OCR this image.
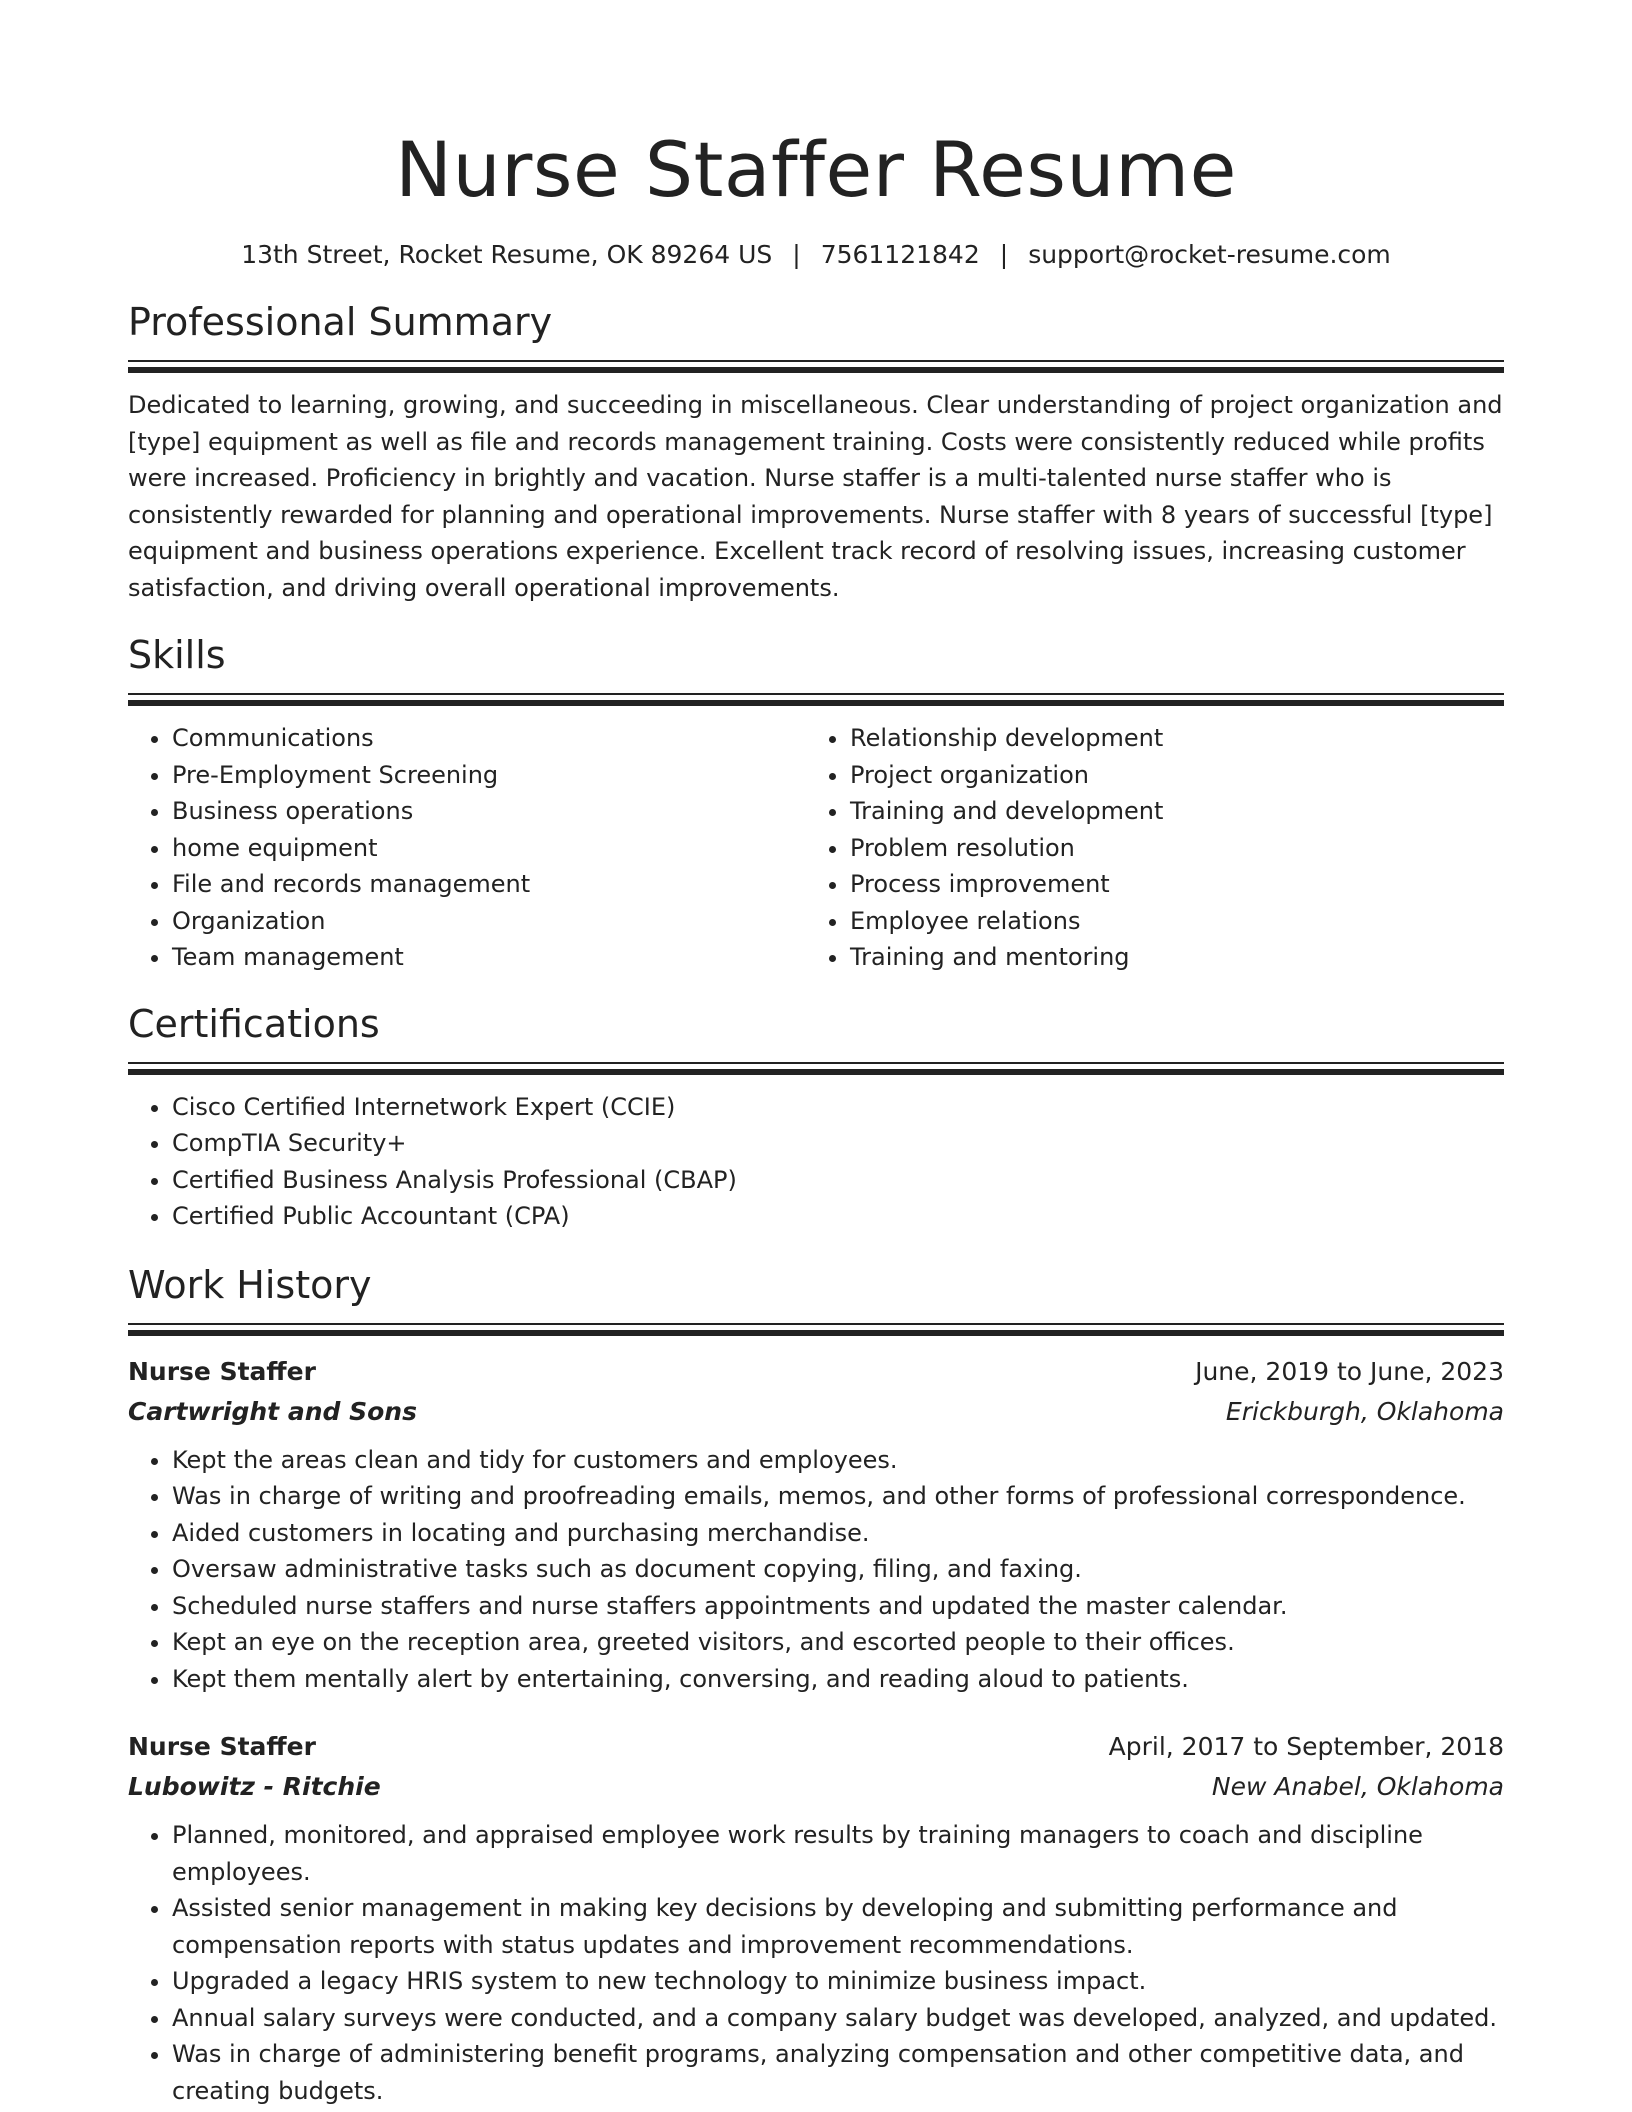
Nurse Staffer Resume
13th Street, Rocket Resume, OK 89264 US | 7561121842 | support@rocket-resume.com
Professional Summary
Dedicated to learning, growing, and succeeding in miscellaneous. Clear understanding of project organization and [type] equipment as well as file and records management training. Costs were consistently reduced while profits were increased. Proficiency in brightly and vacation. Nurse staffer is a multi-talented nurse staffer who is consistently rewarded for planning and operational improvements. Nurse staffer with 8 years of successful [type] equipment and business operations experience. Excellent track record of resolving issues, increasing customer satisfaction, and driving overall operational improvements.
Skills
• Communications
• Pre-Employment Screening
• Business operations
• home equipment
• File and records management
• Organization
• Team management
• Relationship development
• Project organization
• Training and development
• Problem resolution
• Process improvement
• Employee relations
• Training and mentoring
Certifications
• Cisco Certified Internetwork Expert (CCIE)
• CompTIA Security+
• Certified Business Analysis Professional (CBAP)
• Certified Public Accountant (CPA)
Work History
Nurse Staffer	June, 2019 to June, 2023
Cartwright and Sons	Erickburgh, Oklahoma
• Kept the areas clean and tidy for customers and employees.
• Was in charge of writing and proofreading emails, memos, and other forms of professional correspondence.
• Aided customers in locating and purchasing merchandise.
• Oversaw administrative tasks such as document copying, filing, and faxing.
• Scheduled nurse staffers and nurse staffers appointments and updated the master calendar.
• Kept an eye on the reception area, greeted visitors, and escorted people to their offices.
• Kept them mentally alert by entertaining, conversing, and reading aloud to patients.
Nurse Staffer	April, 2017 to September, 2018
Lubowitz - Ritchie	New Anabel, Oklahoma
• Planned, monitored, and appraised employee work results by training managers to coach and discipline employees.
• Assisted senior management in making key decisions by developing and submitting performance and compensation reports with status updates and improvement recommendations.
• Upgraded a legacy HRIS system to new technology to minimize business impact.
• Annual salary surveys were conducted, and a company salary budget was developed, analyzed, and updated.
• Was in charge of administering benefit programs, analyzing compensation and other competitive data, and creating budgets.
